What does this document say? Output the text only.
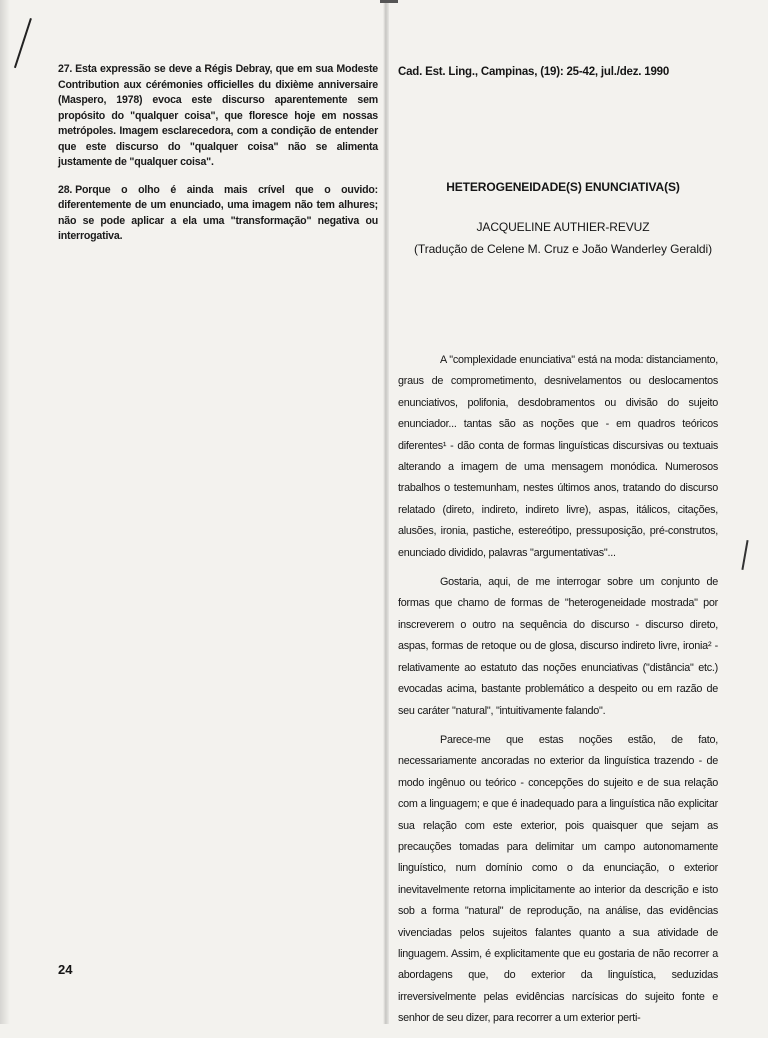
27. Esta expressão se deve a Régis Debray, que em sua Modeste Contribution aux cérémonies officielles du dixième anniversaire (Maspero, 1978) evoca este discurso aparentemente sem propósito do "qualquer coisa", que floresce hoje em nossas metrópoles. Imagem esclarecedora, com a condição de entender que este discurso do "qualquer coisa" não se alimenta justamente de "qualquer coisa".

28. Porque o olho é ainda mais crível que o ouvido: diferentemente de um enunciado, uma imagem não tem alhures; não se pode aplicar a ela uma "transformação" negativa ou interrogativa.

24
Cad. Est. Ling., Campinas, (19): 25-42, jul./dez. 1990
HETEROGENEIDADE(S) ENUNCIATIVA(S)
JACQUELINE AUTHIER-REVUZ
(Tradução de Celene M. Cruz e João Wanderley Geraldi)

A "complexidade enunciativa" está na moda: distanciamento, graus de comprometimento, desnivelamentos ou deslocamentos enunciativos, polifonia, desdobramentos ou divisão do sujeito enunciador... tantas são as noções que - em quadros teóricos diferentes¹ - dão conta de formas linguísticas discursivas ou textuais alterando a imagem de uma mensagem monódica. Numerosos trabalhos o testemunham, nestes últimos anos, tratando do discurso relatado (direto, indireto, indireto livre), aspas, itálicos, citações, alusões, ironia, pastiche, estereótipo, pressuposição, pré-construtos, enunciado dividido, palavras "argumentativas"...

Gostaria, aqui, de me interrogar sobre um conjunto de formas que chamo de formas de "heterogeneidade mostrada" por inscreverem o outro na sequência do discurso - discurso direto, aspas, formas de retoque ou de glosa, discurso indireto livre, ironia² - relativamente ao estatuto das noções enunciativas ("distância" etc.) evocadas acima, bastante problemático a despeito ou em razão de seu caráter "natural", "intuitivamente falando".

Parece-me que estas noções estão, de fato, necessariamente ancoradas no exterior da linguística trazendo - de modo ingênuo ou teórico - concepções do sujeito e de sua relação com a linguagem; e que é inadequado para a linguística não explicitar sua relação com este exterior, pois quaisquer que sejam as precauções tomadas para delimitar um campo autonomamente linguístico, num domínio como o da enunciação, o exterior inevitavelmente retorna implicitamente ao interior da descrição e isto sob a forma "natural" de reprodução, na análise, das evidências vivenciadas pelos sujeitos falantes quanto a sua atividade de linguagem. Assim, é explicitamente que eu gostaria de não recorrer a abordagens que, do exterior da linguística, seduzidas irreversivelmente pelas evidências narcísicas do sujeito fonte e senhor de seu dizer, para recorrer a um exterior perti-
